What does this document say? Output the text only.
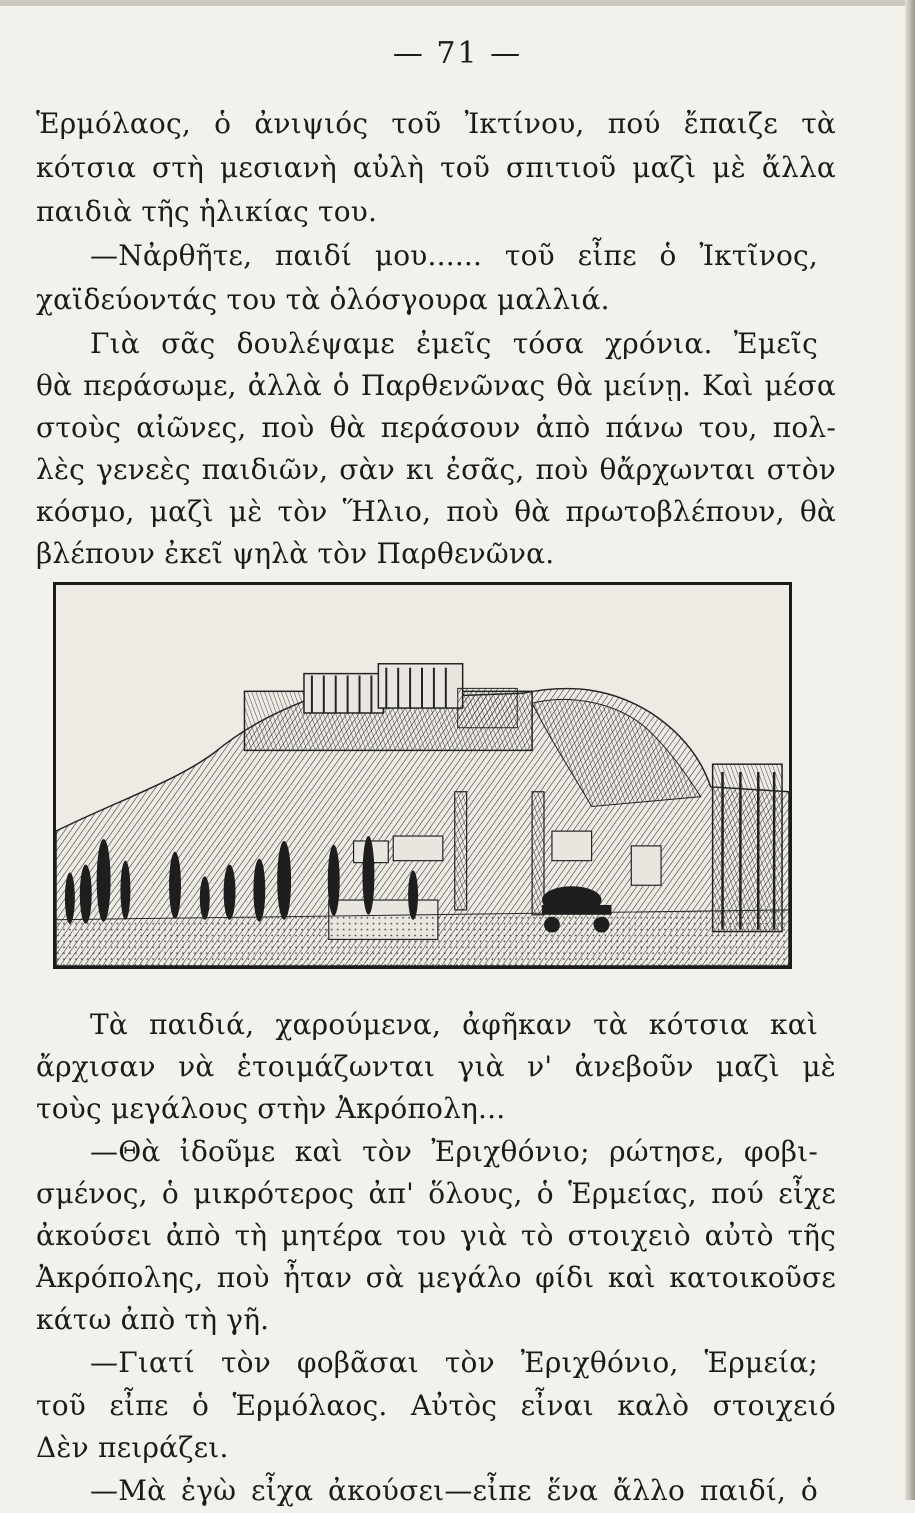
— 71 —
Ἑρμόλαος, ὁ ἀνιψιός τοῦ Ἰκτίνου, πού ἔπαιζε τὰ
κότσια στὴ μεσιανὴ αὐλὴ τοῦ σπιτιοῦ μαζὶ μὲ ἄλλα
παιδιὰ τῆς ἡλικίας του.
—Νἀρθῆτε, παιδί μου...... τοῦ εἶπε ὁ Ἰκτῖνος,
χαϊδεύοντάς του τὰ ὁλόσγουρα μαλλιά.
Γιὰ σᾶς δουλέψαμε ἐμεῖς τόσα χρόνια. Ἐμεῖς
θὰ περάσωμε, ἀλλὰ ὁ Παρθενῶνας θὰ μείνῃ. Καὶ μέσα
στοὺς αἰῶνες, ποὺ θὰ περάσουν ἀπὸ πάνω του, πολ-
λὲς γενεὲς παιδιῶν, σὰν κι ἐσᾶς, ποὺ θἄρχωνται στὸν
κόσμο, μαζὶ μὲ τὸν Ἥλιο, ποὺ θὰ πρωτοβλέπουν, θὰ
βλέπουν ἐκεῖ ψηλὰ τὸν Παρθενῶνα.
Τὰ παιδιά, χαρούμενα, ἀφῆκαν τὰ κότσια καὶ
ἄρχισαν νὰ ἑτοιμάζωνται γιὰ ν' ἀνεβοῦν μαζὶ μὲ
τοὺς μεγάλους στὴν Ἀκρόπολη...
—Θὰ ἰδοῦμε καὶ τὸν Ἐριχθόνιο; ρώτησε, φοβι-
σμένος, ὁ μικρότερος ἀπ' ὅλους, ὁ Ἑρμείας, πού εἶχε
ἀκούσει ἀπὸ τὴ μητέρα του γιὰ τὸ στοιχειὸ αὐτὸ τῆς
Ἀκρόπολης, ποὺ ἦταν σὰ μεγάλο φίδι καὶ κατοικοῦσε
κάτω ἀπὸ τὴ γῆ.
—Γιατί τὸν φοβᾶσαι τὸν Ἐριχθόνιο, Ἑρμεία;
τοῦ εἶπε ὁ Ἑρμόλαος. Αὐτὸς εἶναι καλὸ στοιχειό
Δὲν πειράζει.
—Μὰ ἐγὼ εἶχα ἀκούσει—εἶπε ἕνα ἄλλο παιδί, ὁ
